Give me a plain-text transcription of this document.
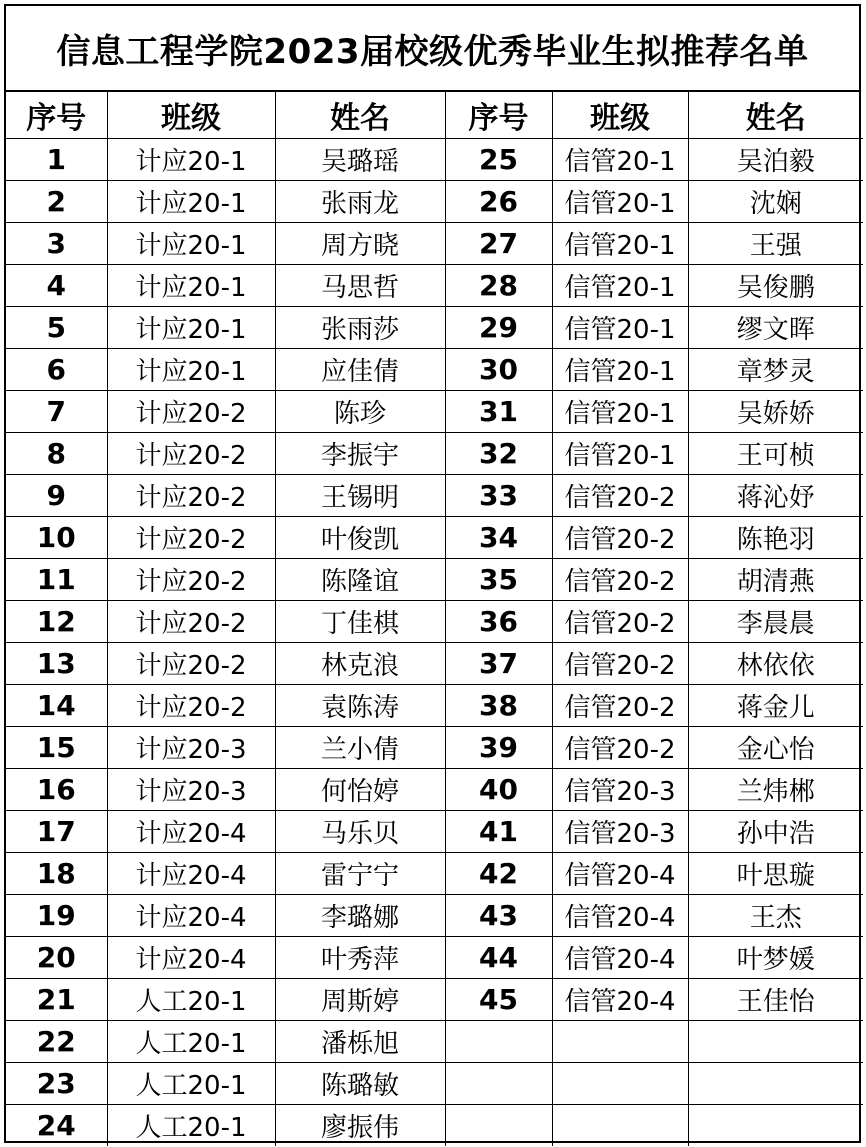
信息工程学院2023届校级优秀毕业生拟推荐名单
序号	班级	姓名	序号	班级	姓名
1	计应20-1	吴璐瑶	25	信管20-1	吴泊毅
2	计应20-1	张雨龙	26	信管20-1	沈娴
3	计应20-1	周方晓	27	信管20-1	王强
4	计应20-1	马思哲	28	信管20-1	吴俊鹏
5	计应20-1	张雨莎	29	信管20-1	缪文晖
6	计应20-1	应佳倩	30	信管20-1	章梦灵
7	计应20-2	陈珍	31	信管20-1	吴娇娇
8	计应20-2	李振宇	32	信管20-1	王可桢
9	计应20-2	王锡明	33	信管20-2	蒋沁妤
10	计应20-2	叶俊凯	34	信管20-2	陈艳羽
11	计应20-2	陈隆谊	35	信管20-2	胡清燕
12	计应20-2	丁佳棋	36	信管20-2	李晨晨
13	计应20-2	林克浪	37	信管20-2	林依依
14	计应20-2	袁陈涛	38	信管20-2	蒋金儿
15	计应20-3	兰小倩	39	信管20-2	金心怡
16	计应20-3	何怡婷	40	信管20-3	兰炜郴
17	计应20-4	马乐贝	41	信管20-3	孙中浩
18	计应20-4	雷宁宁	42	信管20-4	叶思璇
19	计应20-4	李璐娜	43	信管20-4	王杰
20	计应20-4	叶秀萍	44	信管20-4	叶梦媛
21	人工20-1	周斯婷	45	信管20-4	王佳怡
22	人工20-1	潘栎旭			
23	人工20-1	陈璐敏			
24	人工20-1	廖振伟			
